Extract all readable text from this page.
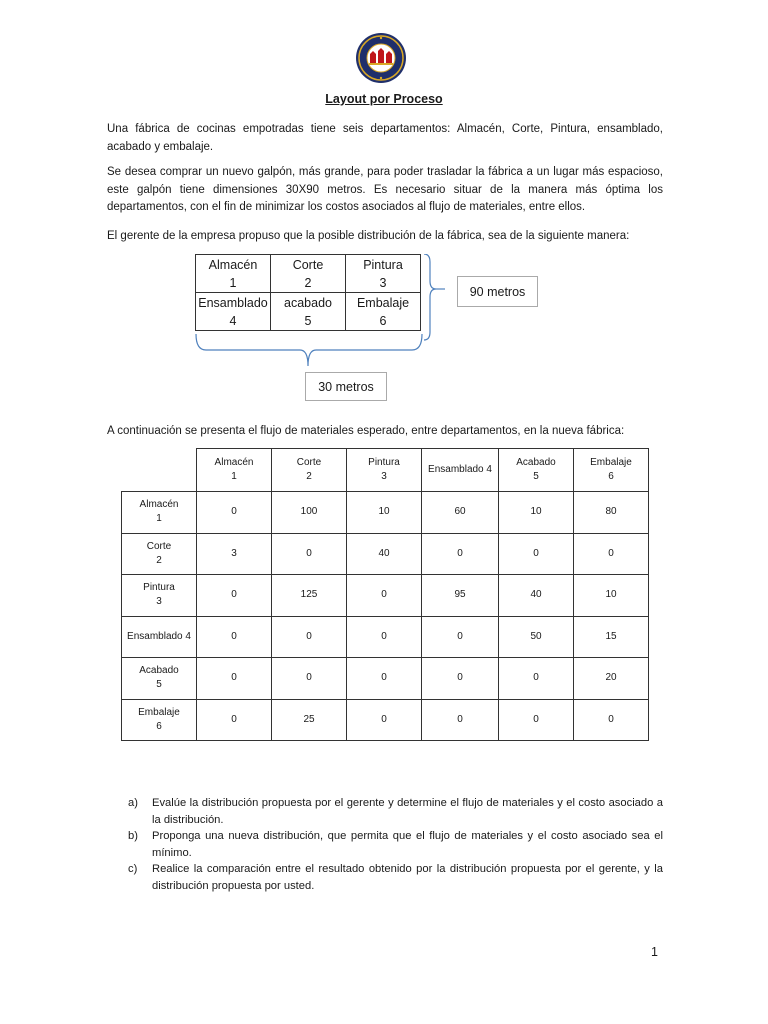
Layout por Proceso

Una fábrica de cocinas empotradas tiene seis departamentos: Almacén, Corte, Pintura, ensamblado, acabado y embalaje.

Se desea comprar un nuevo galpón, más grande, para poder trasladar la fábrica a un lugar más espacioso, este galpón tiene dimensiones 30X90 metros. Es necesario situar de la manera más óptima los departamentos, con el fin de minimizar los costos asociados al flujo de materiales, entre ellos.

El gerente de la empresa propuso que la posible distribución de la fábrica, sea de la siguiente manera:

Almacén
1	Corte
2	Pintura
3

Ensamblado
4	acabado
5	Embalaje
6
90 metros
30 metros

A continuación se presenta el flujo de materiales esperado, entre departamentos, en la nueva fábrica:

	Almacén
1	Corte
2	Pintura
3	Ensamblado 4	Acabado
5	Embalaje
6

Almacén
1	0	100	10	60	10	80

Corte
2	3	0	40	0	0	0

Pintura
3	0	125	0	95	40	10

Ensamblado 4	0	0	0	0	50	15

Acabado
5	0	0	0	0	0	20

Embalaje
6	0	25	0	0	0	0
a)	Evalúe la distribución propuesta por el gerente y determine el flujo de materiales y el costo asociado a la distribución.
b)	Proponga una nueva distribución, que permita que el flujo de materiales y el costo asociado sea el mínimo.
c)	Realice la comparación entre el resultado obtenido por la distribución propuesta por el gerente, y la distribución propuesta por usted.
1
